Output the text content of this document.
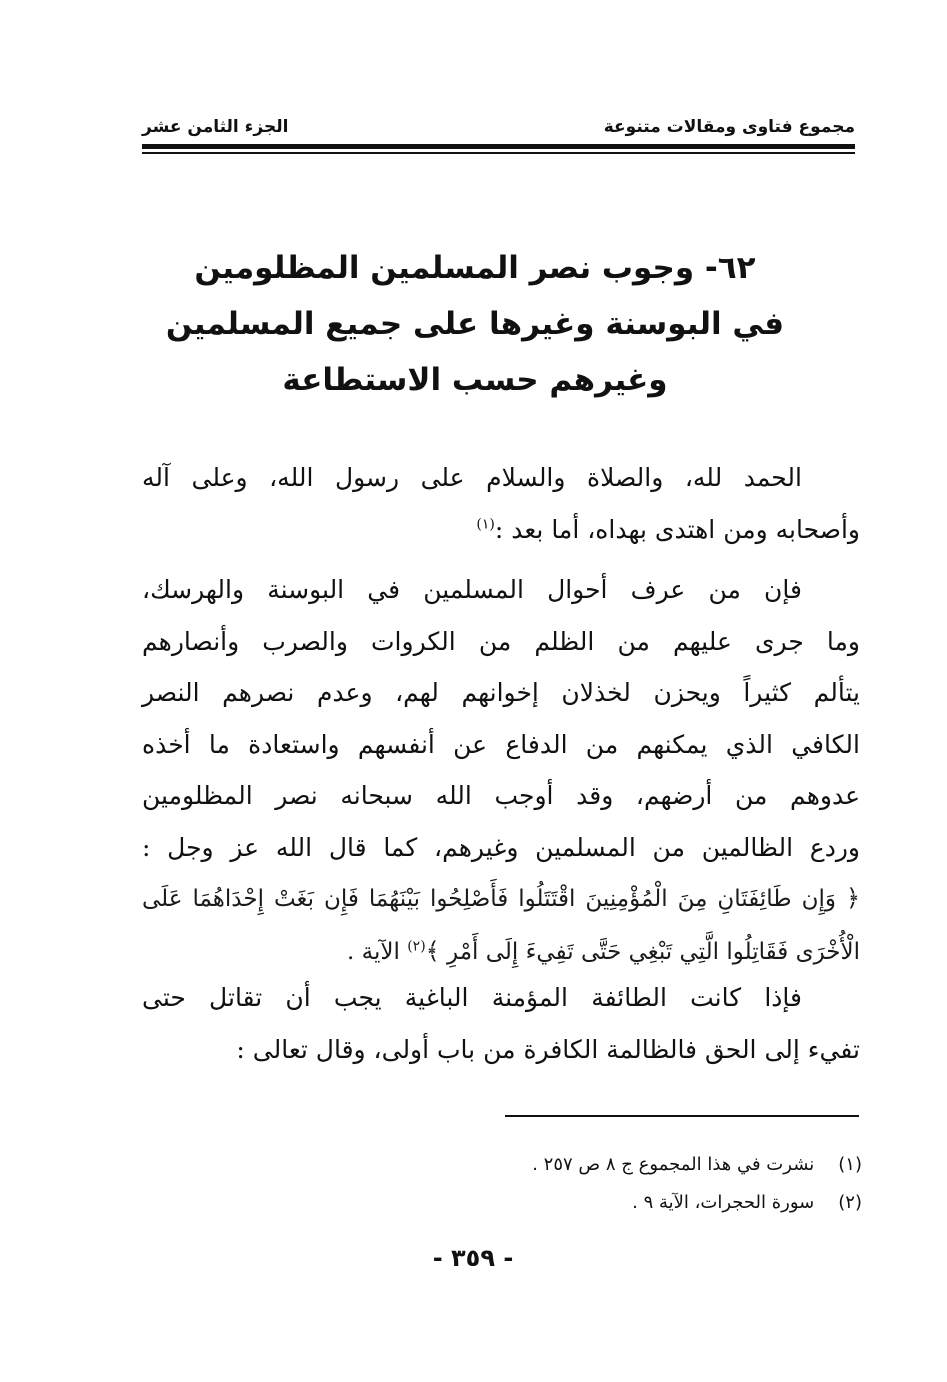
مجموع فتاوى ومقالات متنوعة
الجزء الثامن عشر
٦٢- وجوب نصر المسلمين المظلومين
في البوسنة وغيرها على جميع المسلمين
وغيرهم حسب الاستطاعة
الحمد لله، والصلاة والسلام على رسول الله، وعلى آله
وأصحابه ومن اهتدى بهداه، أما بعد :$^{(١)}$
فإن من عرف أحوال المسلمين في البوسنة والهرسك،
وما جرى عليهم من الظلم من الكروات والصرب وأنصارهم
يتألم كثيراً ويحزن لخذلان إخوانهم لهم، وعدم نصرهم النصر
الكافي الذي يمكنهم من الدفاع عن أنفسهم واستعادة ما أخذه
عدوهم من أرضهم، وقد أوجب الله سبحانه نصر المظلومين
وردع الظالمين من المسلمين وغيرهم، كما قال الله عز وجل :
﴿ وَإِن طَائِفَتَانِ مِنَ الْمُؤْمِنِينَ اقْتَتَلُوا فَأَصْلِحُوا بَيْنَهُمَا فَإِن بَغَتْ إِحْدَاهُمَا عَلَى
الْأُخْرَى فَقَاتِلُوا الَّتِي تَبْغِي حَتَّى تَفِيءَ إِلَى أَمْرِ ﴾$^{(٢)}$ الآية .
فإذا كانت الطائفة المؤمنة الباغية يجب أن تقاتل حتى
تفيء إلى الحق فالظالمة الكافرة من باب أولى، وقال تعالى :
(١) نشرت في هذا المجموع ج ٨ ص ٢٥٧ .
(٢) سورة الحجرات، الآية ٩ .
- ٣٥٩ -
